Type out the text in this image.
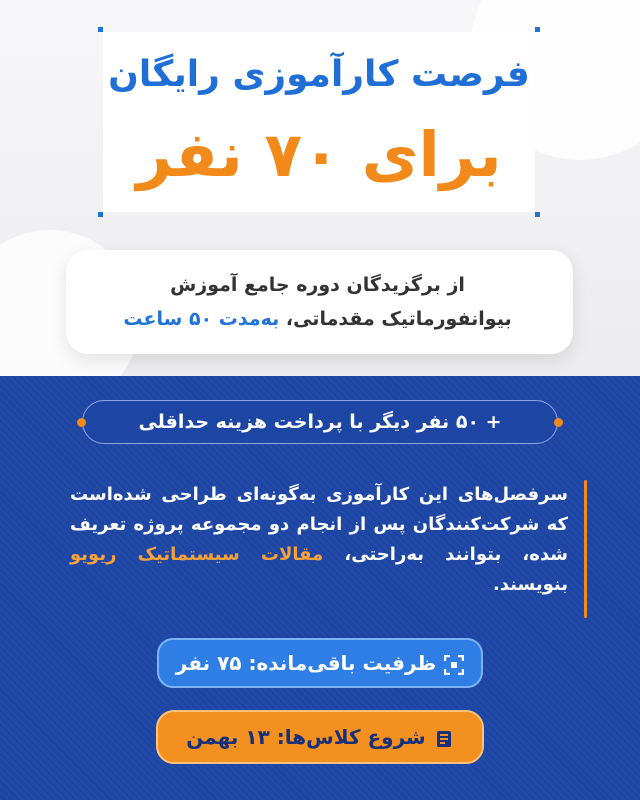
فرصت کارآموزی رایگان
برای ۷۰ نفر
از برگزیدگان دوره جامع آموزش
بیوانفورماتیک مقدماتی، به‌مدت ۵۰ ساعت
+ ۵۰ نفر دیگر با پرداخت هزینه حداقلی
سرفصل‌های این کارآموزی به‌گونه‌ای طراحی شده‌است که شرکت‌کنندگان پس از انجام دو مجموعه پروژه تعریف شده، بتوانند به‌راحتی، مقالات سیستماتیک ریویو بنویسند.
ظرفیت باقی‌مانده: ۷۵ نفر
شروع کلاس‌ها: ۱۳ بهمن
